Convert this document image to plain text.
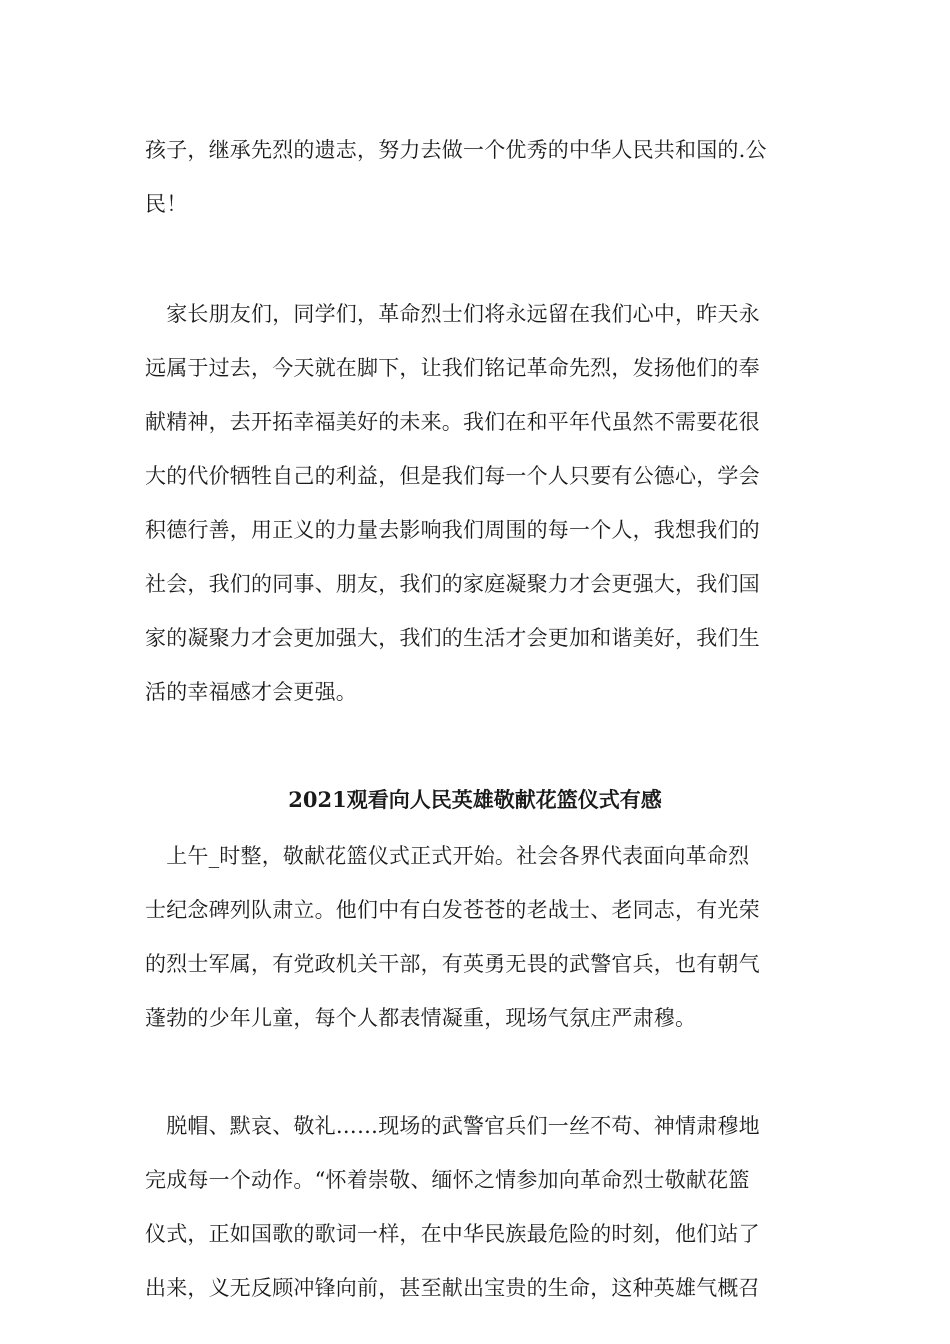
孩子，继承先烈的遗志，努力去做一个优秀的中华人民共和国的.公
民！
　家长朋友们，同学们，革命烈士们将永远留在我们心中，昨天永
远属于过去，今天就在脚下，让我们铭记革命先烈，发扬他们的奉
献精神，去开拓幸福美好的未来。我们在和平年代虽然不需要花很
大的代价牺牲自己的利益，但是我们每一个人只要有公德心，学会
积德行善，用正义的力量去影响我们周围的每一个人，我想我们的
社会，我们的同事、朋友，我们的家庭凝聚力才会更强大，我们国
家的凝聚力才会更加强大，我们的生活才会更加和谐美好，我们生
活的幸福感才会更强。
2021观看向人民英雄敬献花篮仪式有感
　上午_时整，敬献花篮仪式正式开始。社会各界代表面向革命烈
士纪念碑列队肃立。他们中有白发苍苍的老战士、老同志，有光荣
的烈士军属，有党政机关干部，有英勇无畏的武警官兵，也有朝气
蓬勃的少年儿童，每个人都表情凝重，现场气氛庄严肃穆。
　脱帽、默哀、敬礼……现场的武警官兵们一丝不苟、神情肃穆地
完成每一个动作。“怀着崇敬、缅怀之情参加向革命烈士敬献花篮
仪式，正如国歌的歌词一样，在中华民族最危险的时刻，他们站了
出来，义无反顾冲锋向前，甚至献出宝贵的生命，这种英雄气概召
